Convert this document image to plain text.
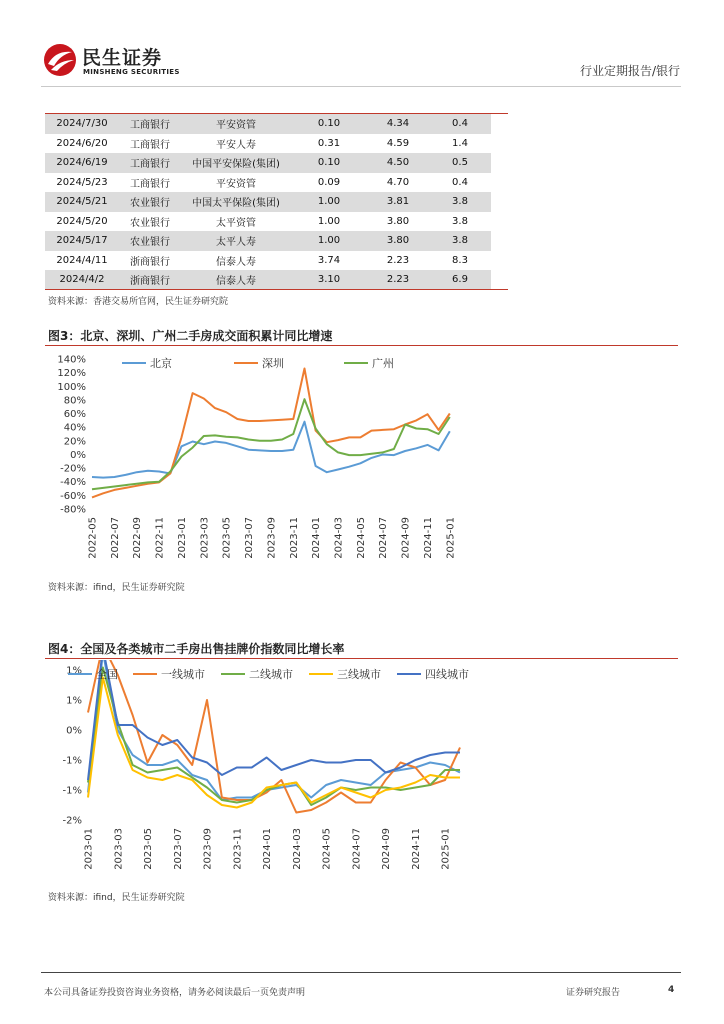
民生证券
MINSHENG SECURITIES	行业定期报告/银行
2024/7/30	工商银行	平安资管	0.10	4.34	0.4
2024/6/20	工商银行	平安人寿	0.31	4.59	1.4
2024/6/19	工商银行	中国平安保险(集团)	0.10	4.50	0.5
2024/5/23	工商银行	平安资管	0.09	4.70	0.4
2024/5/21	农业银行	中国太平保险(集团)	1.00	3.81	3.8
2024/5/20	农业银行	太平资管	1.00	3.80	3.8
2024/5/17	农业银行	太平人寿	1.00	3.80	3.8
2024/4/11	浙商银行	信泰人寿	3.74	2.23	8.3
2024/4/2	浙商银行	信泰人寿	3.10	2.23	6.9
资料来源：香港交易所官网，民生证券研究院
图3：北京、深圳、广州二手房成交面积累计同比增速
140%
120%
100%
80%
60%
40%
20%
0%
-20%
-40%
-60%
-80%
2022-05 2022-07 2022-09 2022-11 2023-01 2023-03 2023-05 2023-07 2023-09 2023-11 2024-01 2024-03 2024-05 2024-07 2024-09 2024-11 2025-01
北京	深圳	广州
资料来源：ifind，民生证券研究院
图4：全国及各类城市二手房出售挂牌价指数同比增长率
1%
1%
0%
-1%
-1%
-2%
2023-01 2023-03 2023-05 2023-07 2023-09 2023-11 2024-01 2024-03 2024-05 2024-07 2024-09 2024-11 2025-01
全国	一线城市	二线城市	三线城市	四线城市
资料来源：ifind，民生证券研究院
本公司具备证券投资咨询业务资格，请务必阅读最后一页免责声明	证券研究报告	4
